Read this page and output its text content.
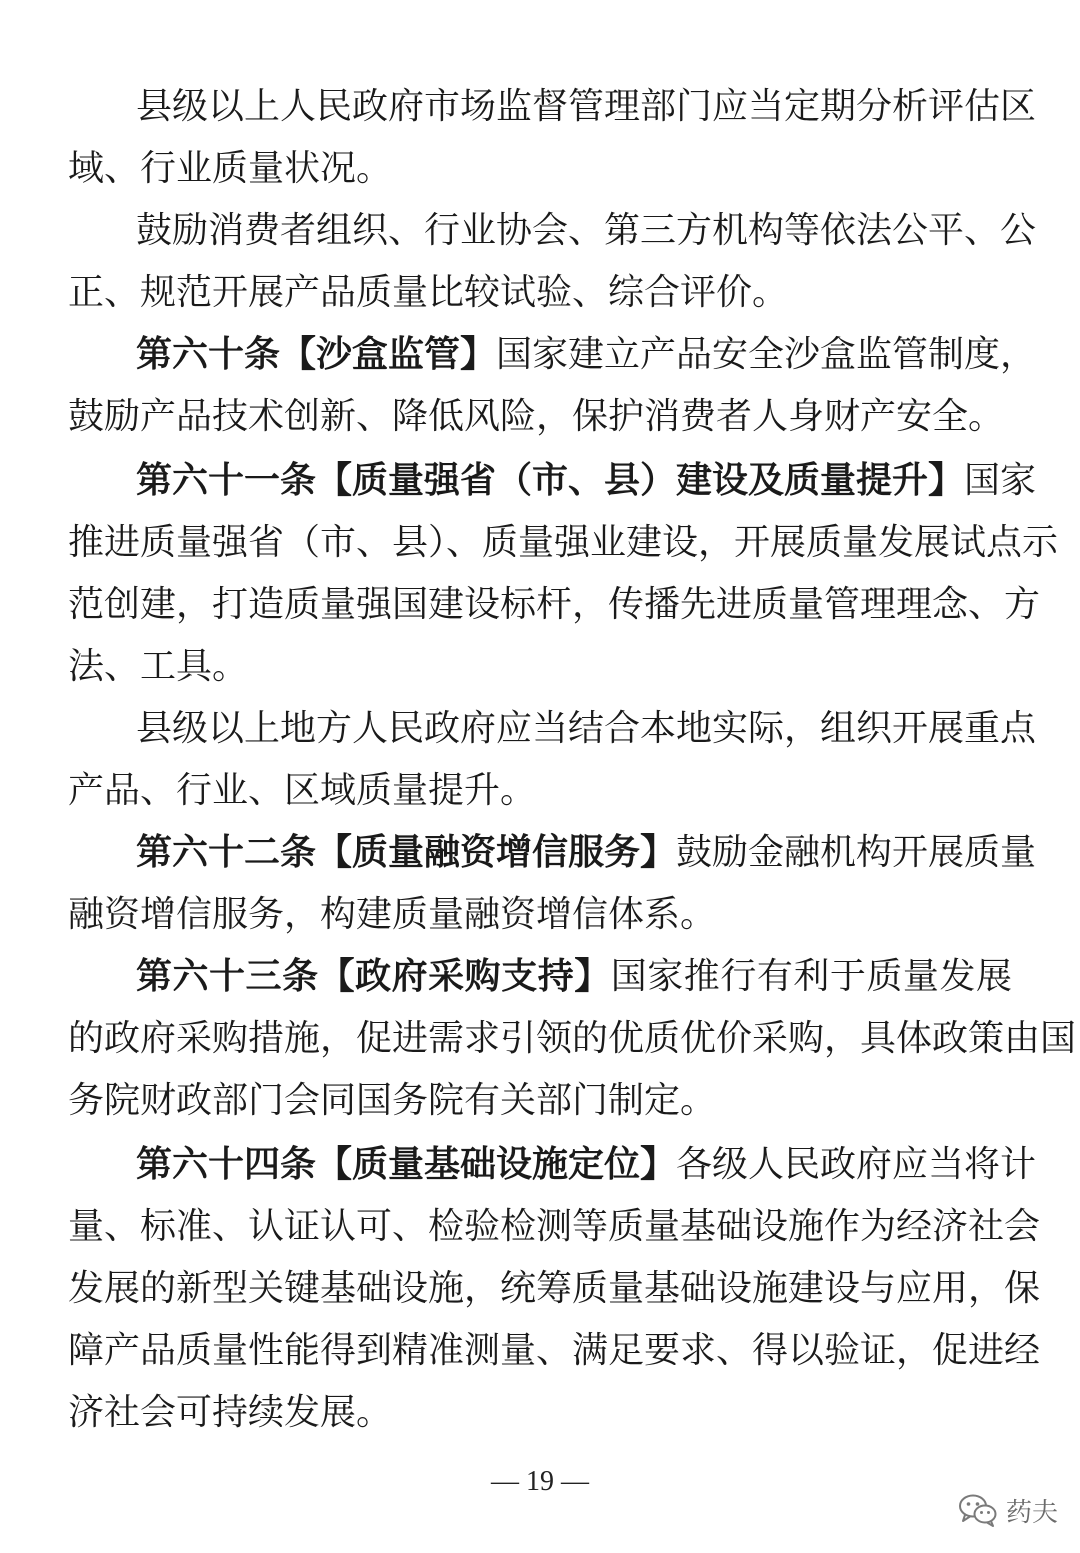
县级以上人民政府市场监督管理部门应当定期分析评估区
域、行业质量状况。
鼓励消费者组织、行业协会、第三方机构等依法公平、公
正、规范开展产品质量比较试验、综合评价。
第六十条【沙盒监管】国家建立产品安全沙盒监管制度，
鼓励产品技术创新、降低风险，保护消费者人身财产安全。
第六十一条【质量强省（市、县）建设及质量提升】国家
推进质量强省（市、县）、质量强业建设，开展质量发展试点示
范创建，打造质量强国建设标杆，传播先进质量管理理念、方
法、工具。
县级以上地方人民政府应当结合本地实际，组织开展重点
产品、行业、区域质量提升。
第六十二条【质量融资增信服务】鼓励金融机构开展质量
融资增信服务，构建质量融资增信体系。
第六十三条【政府采购支持】国家推行有利于质量发展
的政府采购措施，促进需求引领的优质优价采购，具体政策由国
务院财政部门会同国务院有关部门制定。
第六十四条【质量基础设施定位】各级人民政府应当将计
量、标准、认证认可、检验检测等质量基础设施作为经济社会
发展的新型关键基础设施，统筹质量基础设施建设与应用，保
障产品质量性能得到精准测量、满足要求、得以验证，促进经
济社会可持续发展。
— 19 —
药夫
